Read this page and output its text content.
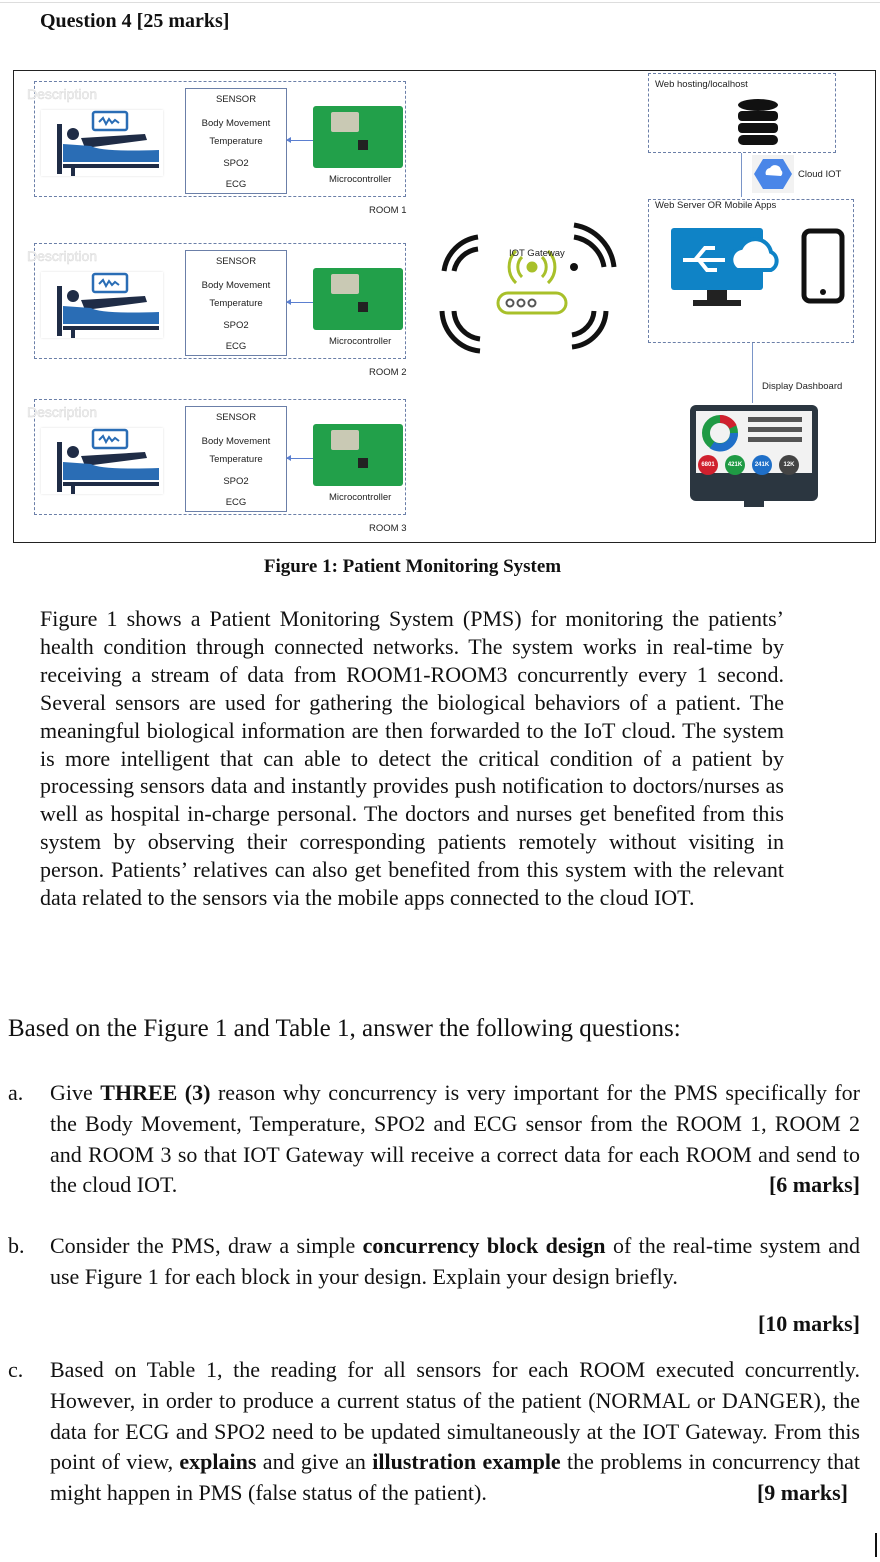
Question 4 [25 marks]
Description	SENSOR
Body Movement
Temperature
SPO2
ECG	Microcontroller
ROOM 1
Description	SENSOR
Body Movement
Temperature
SPO2
ECG	Microcontroller
ROOM 2
Description	SENSOR
Body Movement
Temperature
SPO2
ECG	Microcontroller
ROOM 3
IOT Gateway
Web hosting/localhost
Cloud IOT
Web Server OR Mobile Apps
Display Dashboard
6801	421K	241K	12K
Figure 1: Patient Monitoring System
Figure 1 shows a Patient Monitoring System (PMS) for monitoring the patients’ health condition through connected networks. The system works in real-time by receiving a stream of data from ROOM1-ROOM3 concurrently every 1 second. Several sensors are used for gathering the biological behaviors of a patient. The meaningful biological information are then forwarded to the IoT cloud. The system is more intelligent that can able to detect the critical condition of a patient by processing sensors data and instantly provides push notification to doctors/nurses as well as hospital in-charge personal. The doctors and nurses get benefited from this system by observing their corresponding patients remotely without visiting in person. Patients’ relatives can also get benefited from this system with the relevant data related to the sensors via the mobile apps connected to the cloud IOT.
Based on the Figure 1 and Table 1, answer the following questions:
a. Give THREE (3) reason why concurrency is very important for the PMS specifically for the Body Movement, Temperature, SPO2 and ECG sensor from the ROOM 1, ROOM 2 and ROOM 3 so that IOT Gateway will receive a correct data for each ROOM and send to the cloud IOT.	[6 marks]
b. Consider the PMS, draw a simple concurrency block design of the real-time system and use Figure 1 for each block in your design. Explain your design briefly.
[10 marks]
c. Based on Table 1, the reading for all sensors for each ROOM executed concurrently. However, in order to produce a current status of the patient (NORMAL or DANGER), the data for ECG and SPO2 need to be updated simultaneously at the IOT Gateway. From this point of view, explains and give an illustration example the problems in concurrency that might happen in PMS (false status of the patient).	[9 marks]
